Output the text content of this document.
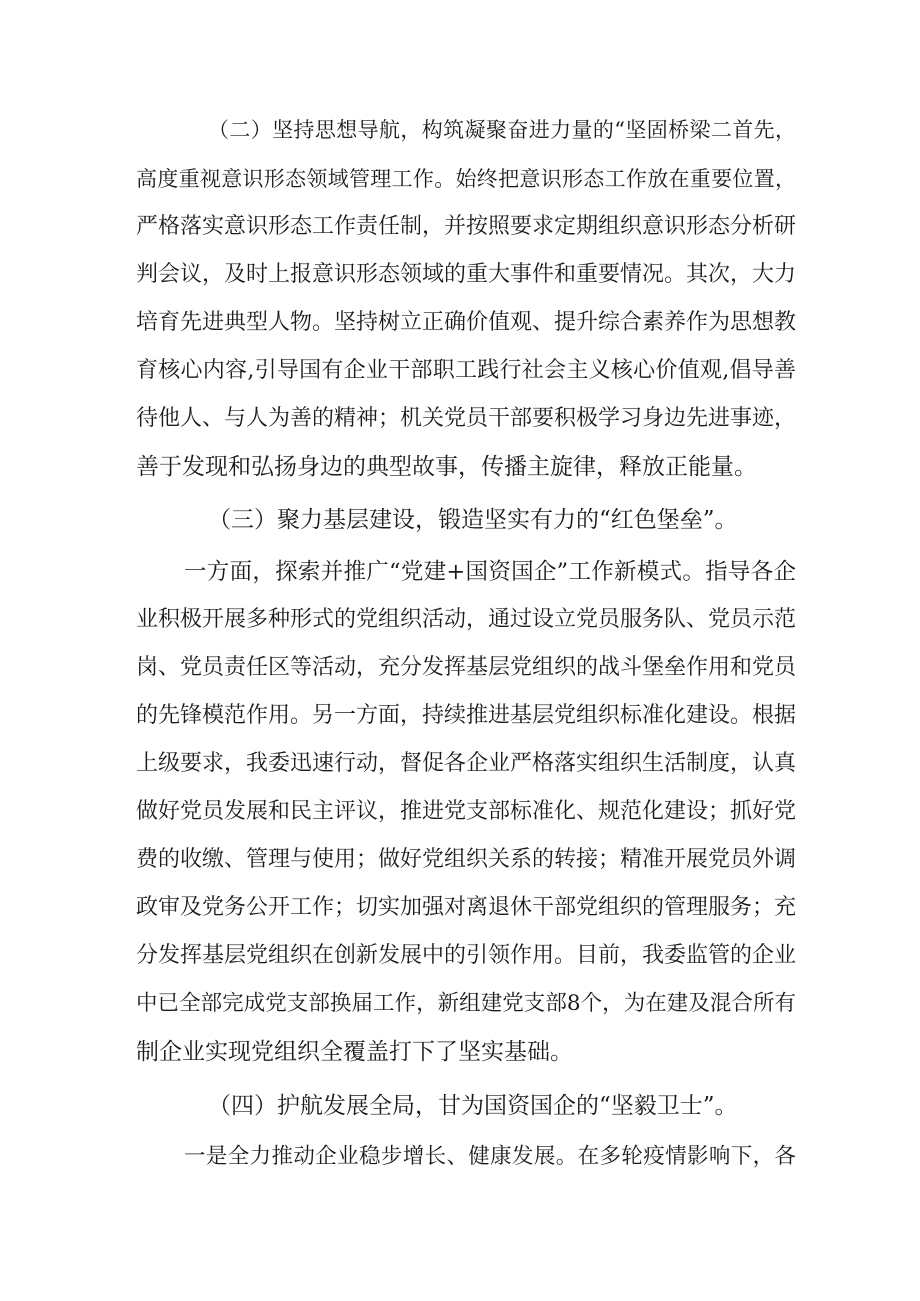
（二）坚持思想导航，构筑凝聚奋进力量的“坚固桥梁二首先，
高度重视意识形态领域管理工作。始终把意识形态工作放在重要位置，
严格落实意识形态工作责任制，并按照要求定期组织意识形态分析研
判会议，及时上报意识形态领域的重大事件和重要情况。其次，大力
培育先进典型人物。坚持树立正确价值观、提升综合素养作为思想教
育核心内容,引导国有企业干部职工践行社会主义核心价值观,倡导善
待他人、与人为善的精神；机关党员干部要积极学习身边先进事迹，
善于发现和弘扬身边的典型故事，传播主旋律，释放正能量。
（三）聚力基层建设，锻造坚实有力的“红色堡垒”。
一方面，探索并推广“党建+国资国企”工作新模式。指导各企
业积极开展多种形式的党组织活动，通过设立党员服务队、党员示范
岗、党员责任区等活动，充分发挥基层党组织的战斗堡垒作用和党员
的先锋模范作用。另一方面，持续推进基层党组织标准化建设。根据
上级要求，我委迅速行动，督促各企业严格落实组织生活制度，认真
做好党员发展和民主评议，推进党支部标准化、规范化建设；抓好党
费的收缴、管理与使用；做好党组织关系的转接；精准开展党员外调
政审及党务公开工作；切实加强对离退休干部党组织的管理服务；充
分发挥基层党组织在创新发展中的引领作用。目前，我委监管的企业
中已全部完成党支部换届工作，新组建党支部8个，为在建及混合所有
制企业实现党组织全覆盖打下了坚实基础。
（四）护航发展全局，甘为国资国企的“坚毅卫士”。
一是全力推动企业稳步增长、健康发展。在多轮疫情影响下，各
